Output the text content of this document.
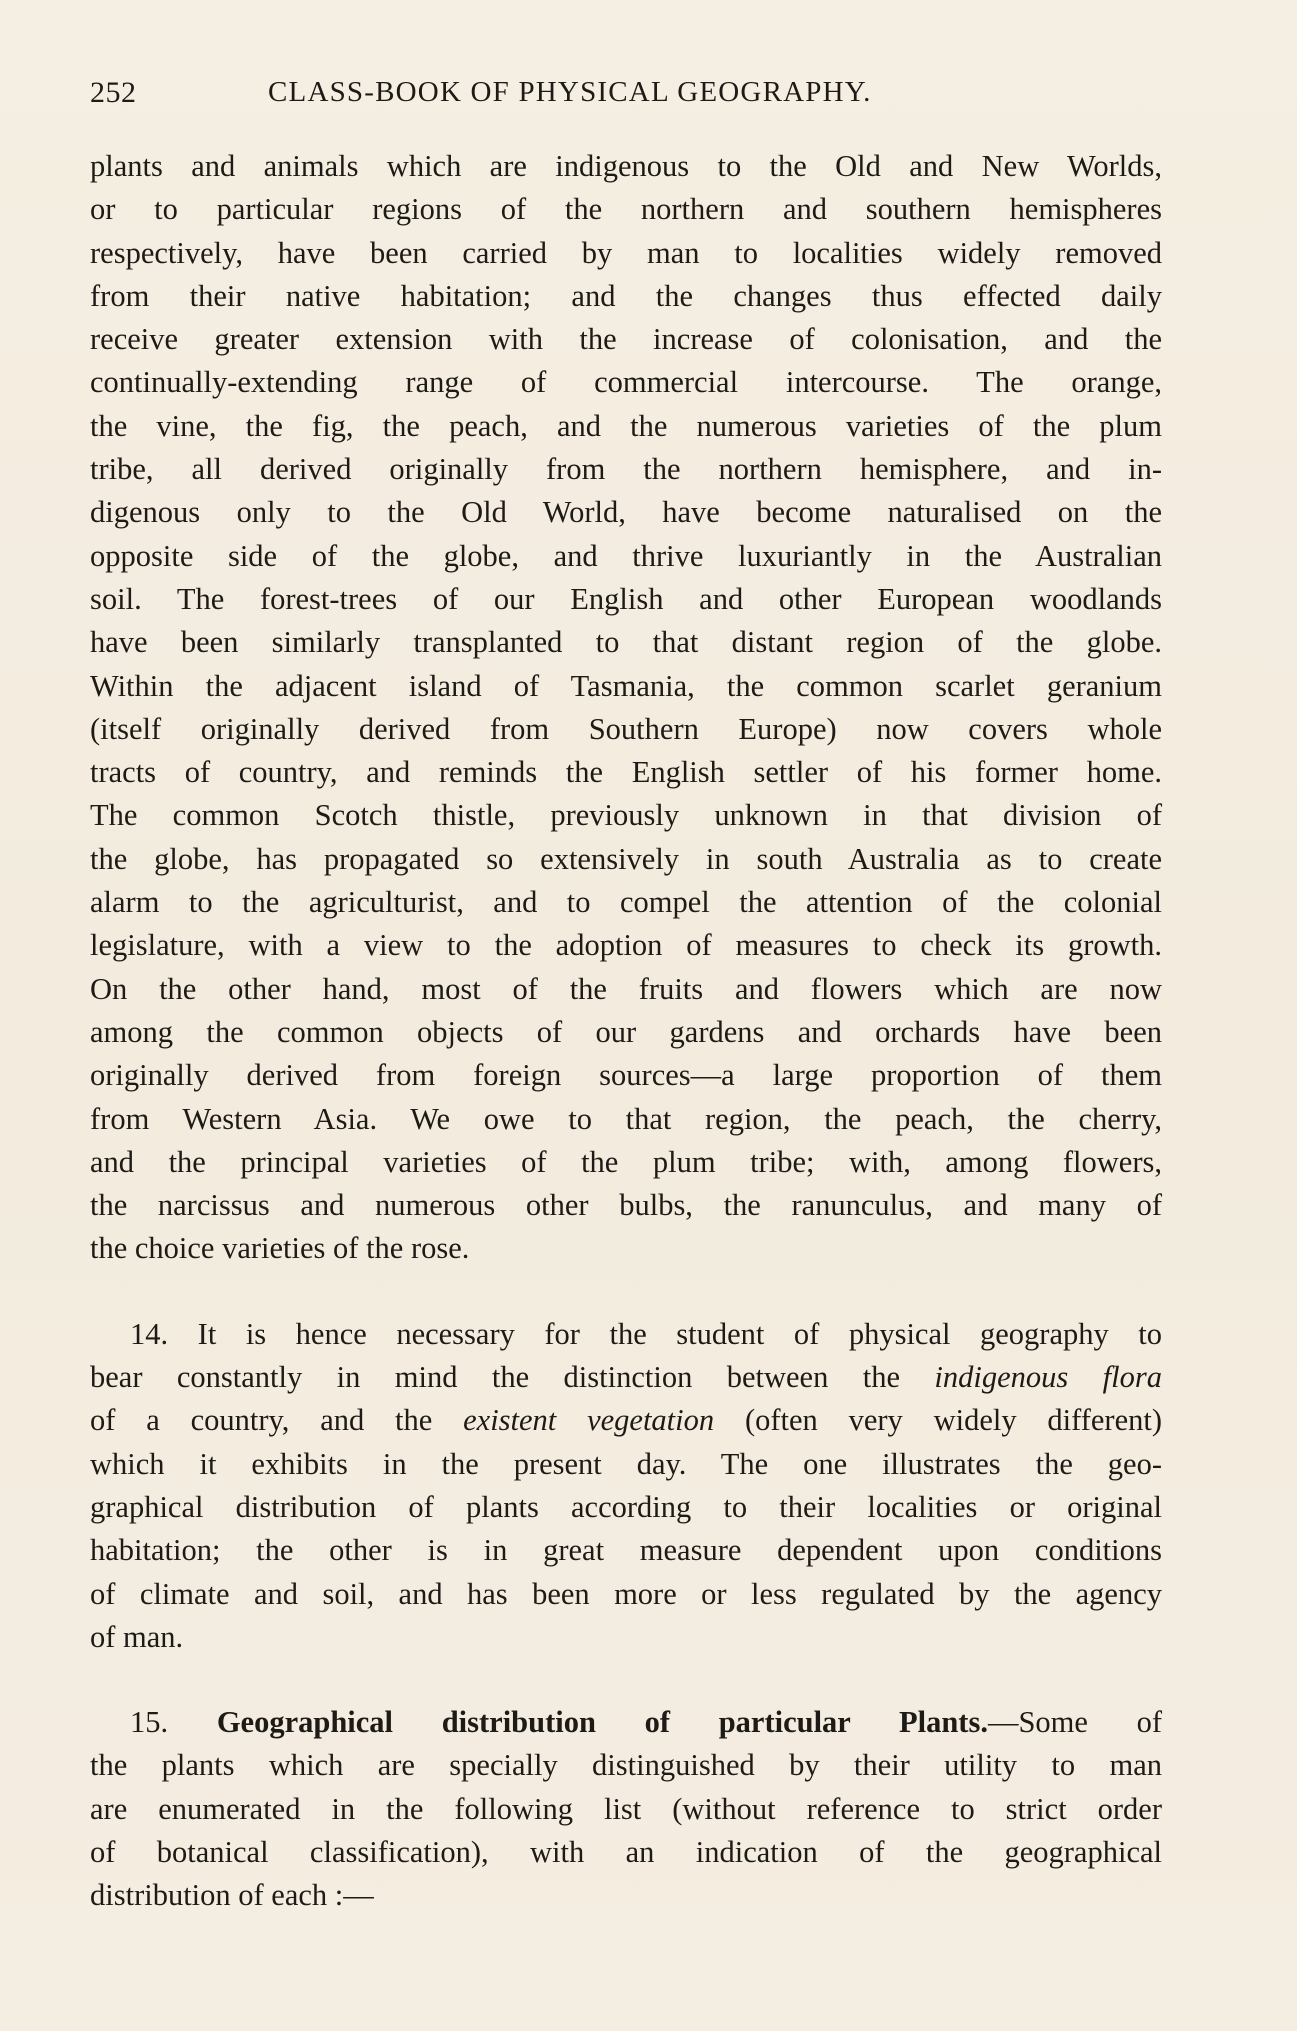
252	CLASS-BOOK OF PHYSICAL GEOGRAPHY.

plants and animals which are indigenous to the Old and New Worlds,
or to particular regions of the northern and southern hemispheres
respectively, have been carried by man to localities widely removed
from their native habitation; and the changes thus effected daily
receive greater extension with the increase of colonisation, and the
continually-extending range of commercial intercourse. The orange,
the vine, the fig, the peach, and the numerous varieties of the plum
tribe, all derived originally from the northern hemisphere, and in-
digenous only to the Old World, have become naturalised on the
opposite side of the globe, and thrive luxuriantly in the Australian
soil. The forest-trees of our English and other European woodlands
have been similarly transplanted to that distant region of the globe.
Within the adjacent island of Tasmania, the common scarlet geranium
(itself originally derived from Southern Europe) now covers whole
tracts of country, and reminds the English settler of his former home.
The common Scotch thistle, previously unknown in that division of
the globe, has propagated so extensively in south Australia as to create
alarm to the agriculturist, and to compel the attention of the colonial
legislature, with a view to the adoption of measures to check its growth.
On the other hand, most of the fruits and flowers which are now
among the common objects of our gardens and orchards have been
originally derived from foreign sources—a large proportion of them
from Western Asia. We owe to that region, the peach, the cherry,
and the principal varieties of the plum tribe; with, among flowers,
the narcissus and numerous other bulbs, the ranunculus, and many of
the choice varieties of the rose.

14. It is hence necessary for the student of physical geography to
bear constantly in mind the distinction between the indigenous flora
of a country, and the existent vegetation (often very widely different)
which it exhibits in the present day. The one illustrates the geo-
graphical distribution of plants according to their localities or original
habitation; the other is in great measure dependent upon conditions
of climate and soil, and has been more or less regulated by the agency
of man.

15. Geographical distribution of particular Plants.—Some of
the plants which are specially distinguished by their utility to man
are enumerated in the following list (without reference to strict order
of botanical classification), with an indication of the geographical
distribution of each :—
